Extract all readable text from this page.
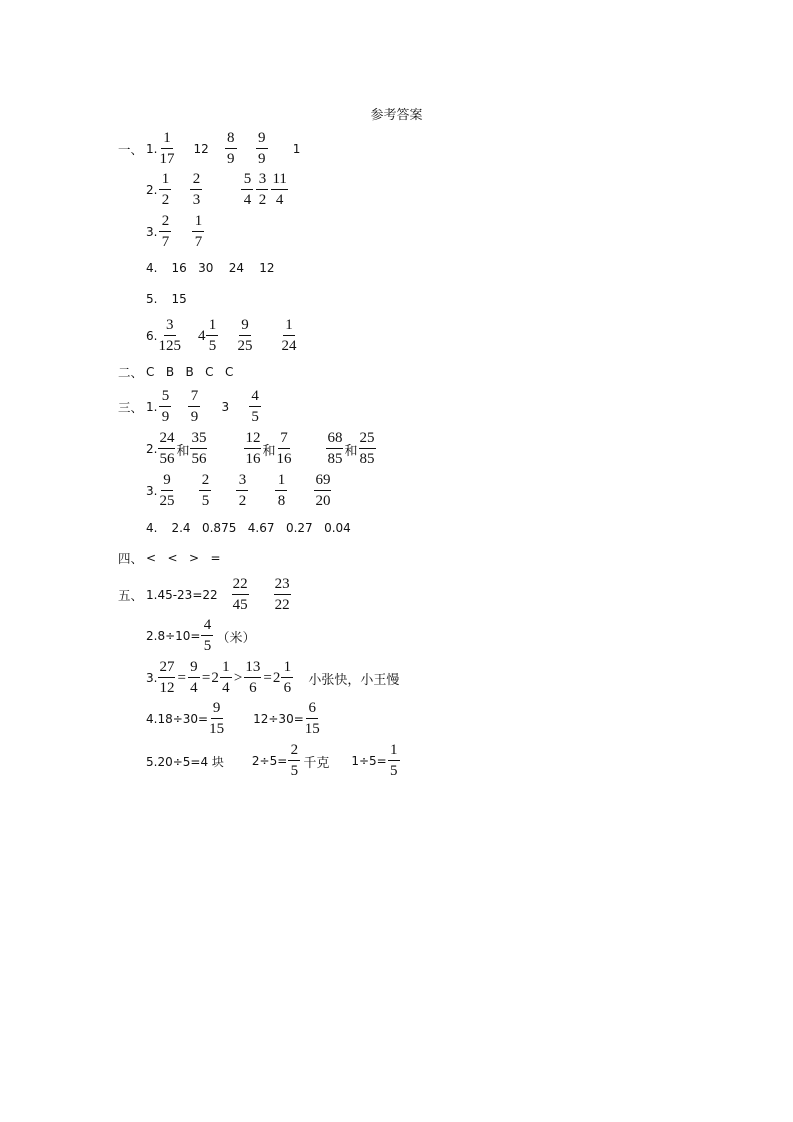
参考答案
一、 1. $\frac{1}{17} 12 \frac{8}{9} \frac{9}{9} 1$
2. $\frac{1}{2} \frac{2}{3}$	$\frac{5}{4} \frac{3}{2} \frac{11}{4}$
3. $\frac{2}{7} \frac{1}{7}$
4. 16   30    24    12
5. 15
6. $\frac{3}{125} 4 \frac{1}{5} \frac{9}{25} \frac{1}{24}$
二、 C   B   B   C   C
三、 1. $\frac{5}{9} \frac{7}{9} 3 \frac{4}{5}$
2. $\frac{24}{56}$ 和 $\frac{35}{56} \frac{12}{16}$ 和 $\frac{7}{16} \frac{68}{85}$ 和 $\frac{25}{85}$
3. $\frac{9}{25} \frac{2}{5} \frac{3}{2} \frac{1}{8} \frac{69}{20}$
4. 2.4   0.875   4.67   0.27   0.04
四、 <   <   >   =
五、 $1.45-23=22 \frac{22}{45} \frac{23}{22}$
$2.8\div 10= \frac{4}{5}$ （米）
3. $\frac{27}{12} = \frac{9}{4} = 2 \frac{1}{4} > \frac{13}{6} = 2 \frac{1}{6}$ 小张快，小王慢
$4.18\div 30= \frac{9}{15} 12\div 30= \frac{6}{15}$
5.20÷5=4 块 $2\div 5= \frac{2}{5}$ 千克 $1\div 5= \frac{1}{5}$
